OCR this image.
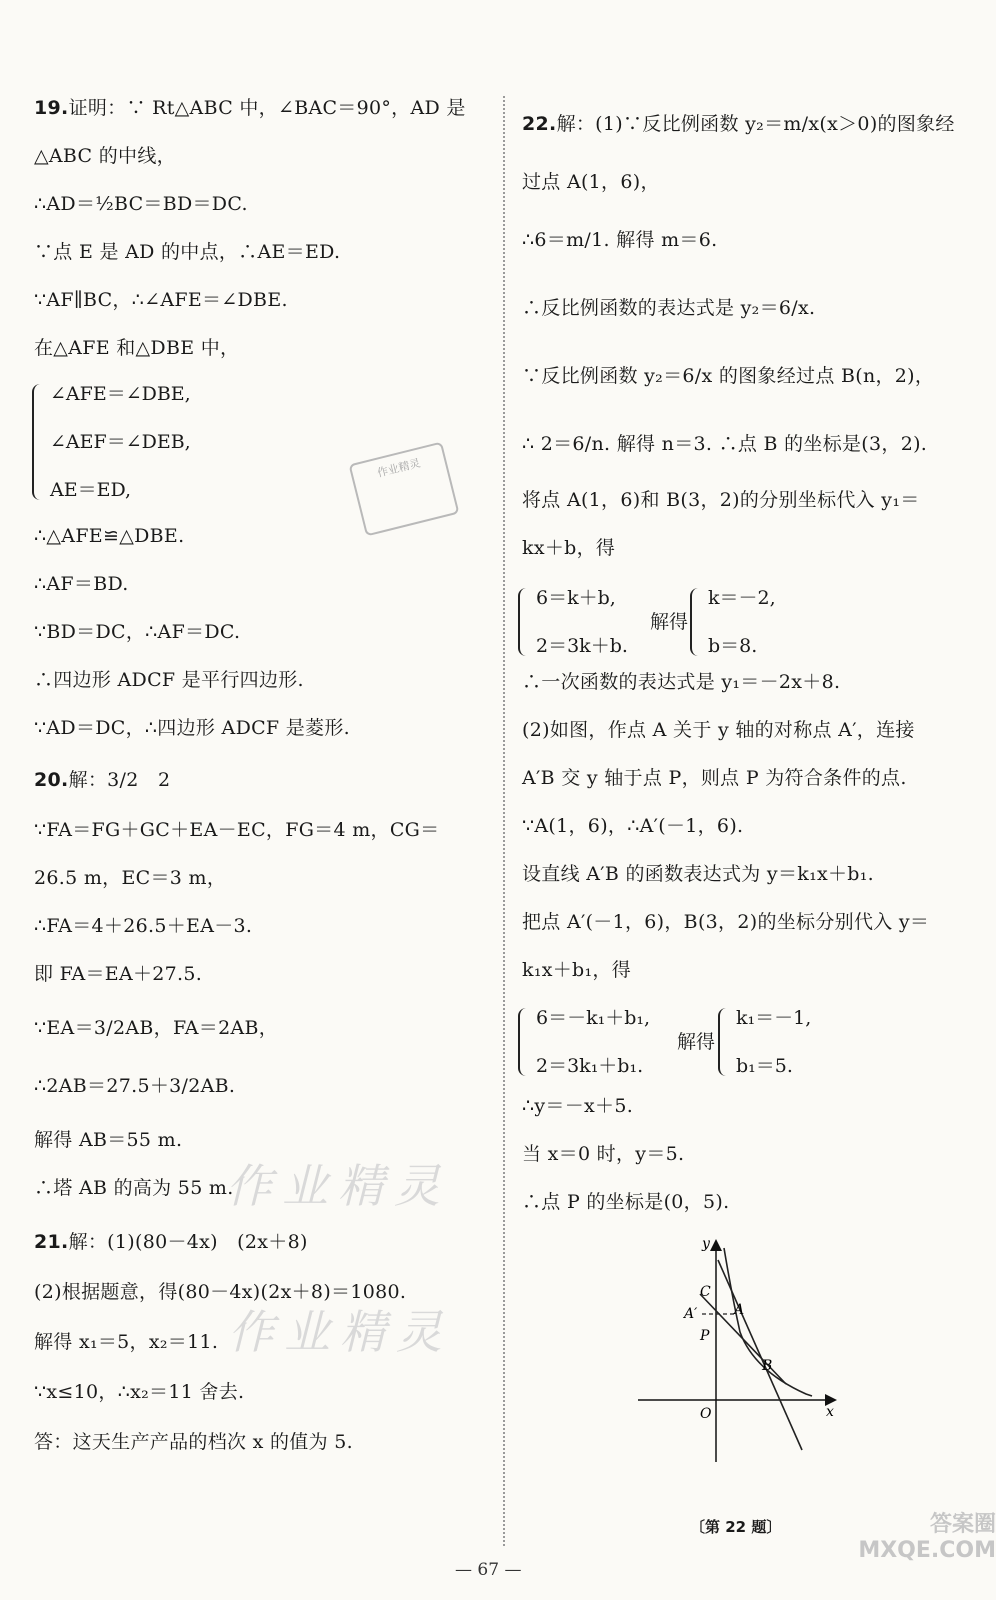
19.证明：∵ Rt△ABC 中，∠BAC＝90°，AD 是
△ABC 的中线，
∴AD＝½BC＝BD＝DC.
∵点 E 是 AD 的中点，∴AE＝ED.
∵AF∥BC，∴∠AFE＝∠DBE.
在△AFE 和△DBE 中，
∠AFE＝∠DBE,
∠AEF＝∠DEB,
AE＝ED,
∴△AFE≌△DBE.
∴AF＝BD.
∵BD＝DC，∴AF＝DC.
∴四边形 ADCF 是平行四边形.
∵AD＝DC，∴四边形 ADCF 是菱形.
20.解：3/2　2
∵FA＝FG＋GC＋EA－EC，FG＝4 m，CG＝
26.5 m，EC＝3 m，
∴FA＝4＋26.5＋EA－3.
即 FA＝EA＋27.5.
∵EA＝3/2AB，FA＝2AB，
∴2AB＝27.5＋3/2AB.
解得 AB＝55 m.
∴塔 AB 的高为 55 m.
21.解：(1)(80－4x)　(2x＋8)
(2)根据题意，得(80－4x)(2x＋8)＝1080.
解得 x₁＝5，x₂＝11.
∵x≤10，∴x₂＝11 舍去.
答：这天生产产品的档次 x 的值为 5.
22.解：(1)∵反比例函数 y₂＝m/x(x＞0)的图象经
过点 A(1，6)，
∴6＝m/1. 解得 m＝6.
∴反比例函数的表达式是 y₂＝6/x.
∵反比例函数 y₂＝6/x 的图象经过点 B(n，2)，
∴ 2＝6/n. 解得 n＝3. ∴点 B 的坐标是(3，2).
将点 A(1，6)和 B(3，2)的分别坐标代入 y₁＝
kx＋b，得
6＝k＋b,
2＝3k＋b.
解得
k＝－2,
b＝8.
∴一次函数的表达式是 y₁＝－2x＋8.
(2)如图，作点 A 关于 y 轴的对称点 A′，连接
A′B 交 y 轴于点 P，则点 P 为符合条件的点.
∵A(1，6)，∴A′(－1，6).
设直线 A′B 的函数表达式为 y＝k₁x＋b₁.
把点 A′(－1，6)，B(3，2)的坐标分别代入 y＝
k₁x＋b₁，得
6＝－k₁＋b₁,
2＝3k₁＋b₁.
解得
k₁＝－1,
b₁＝5.
∴y＝－x＋5.
当 x＝0 时，y＝5.
∴点 P 的坐标是(0，5).
y
x
O
C
A
A′
P
B
〔第 22 题〕
作业精灵
作业精灵
作业精灵
答案圈 MXQE.COM
— 67 —
